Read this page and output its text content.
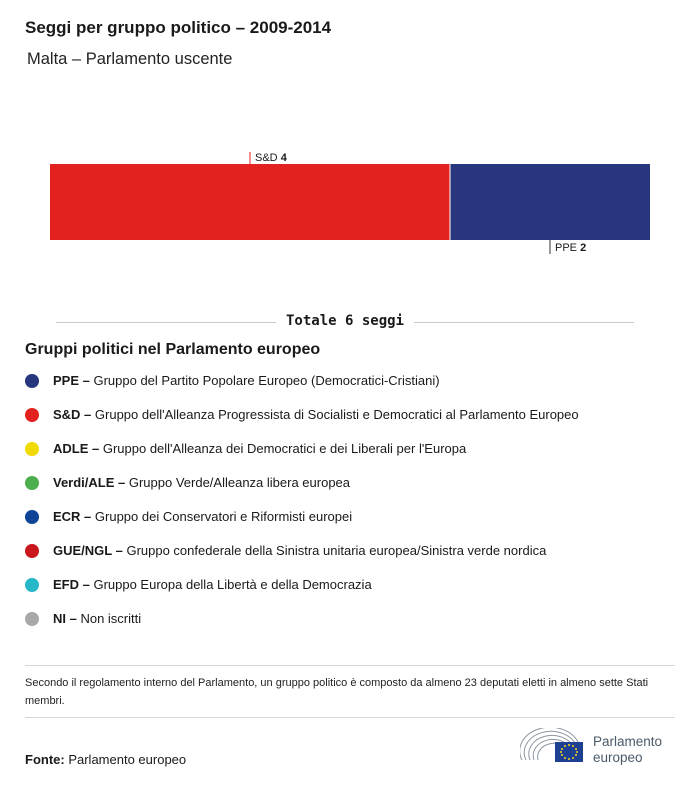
Seggi per gruppo politico – 2009-2014
Malta – Parlamento uscente
S&D 4
PPE 2
Totale 6 seggi
Gruppi politici nel Parlamento europeo
PPE – Gruppo del Partito Popolare Europeo (Democratici-Cristiani)
S&D – Gruppo dell'Alleanza Progressista di Socialisti e Democratici al Parlamento Europeo
ADLE – Gruppo dell'Alleanza dei Democratici e dei Liberali per l'Europa
Verdi/ALE – Gruppo Verde/Alleanza libera europea
ECR – Gruppo dei Conservatori e Riformisti europei
GUE/NGL – Gruppo confederale della Sinistra unitaria europea/Sinistra verde nordica
EFD – Gruppo Europa della Libertà e della Democrazia
NI – Non iscritti
Secondo il regolamento interno del Parlamento, un gruppo politico è composto da almeno 23 deputati eletti in almeno sette Stati membri.
Fonte: Parlamento europeo
Parlamento
europeo
